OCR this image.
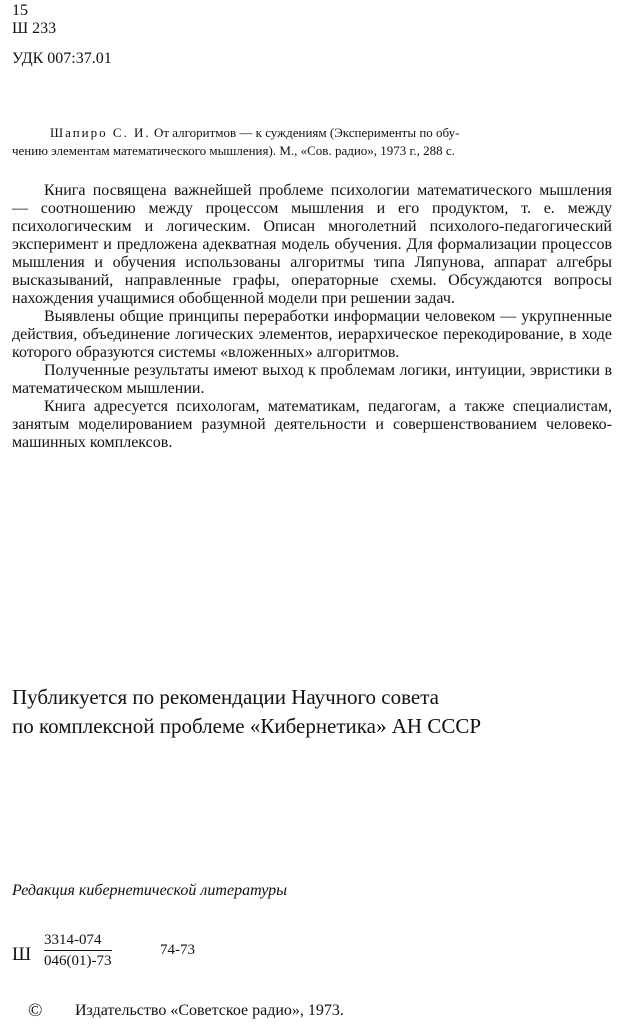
15
Ш 233
УДК 007:37.01
Шапиро С. И. От алгоритмов — к суждениям (Эксперименты по обу-
чению элементам математического мышления). М., «Сов. радио», 1973 г., 288 с.

Книга посвящена важнейшей проблеме психологии математического мышления — соотношению между процессом мышления и его продуктом, т. е. между психологическим и логическим. Описан многолетний психолого-педагогический эксперимент и предложена адекватная модель обучения. Для формализации процессов мышления и обучения использованы алгоритмы типа Ляпунова, аппарат алгебры высказываний, направленные графы, операторные схемы. Обсуждаются вопросы нахождения учащимися обобщенной модели при решении задач.

Выявлены общие принципы переработки информации человеком — укрупненные действия, объединение логических элементов, иерархическое перекодирование, в ходе которого образуются системы «вложенных» алгоритмов.

Полученные результаты имеют выход к проблемам логики, интуиции, эвристики в математическом мышлении.

Книга адресуется психологам, математикам, педагогам, а также специалистам, занятым моделированием разумной деятельности и совершенствованием человеко-машинных комплексов.

Публикуется по рекомендации Научного совета
по комплексной проблеме «Кибернетика» АН СССР
Редакция кибернетической литературы
Ш $\frac{3314-074}{046(01)-73}$	74-73
© Издательство «Советское радио», 1973.
